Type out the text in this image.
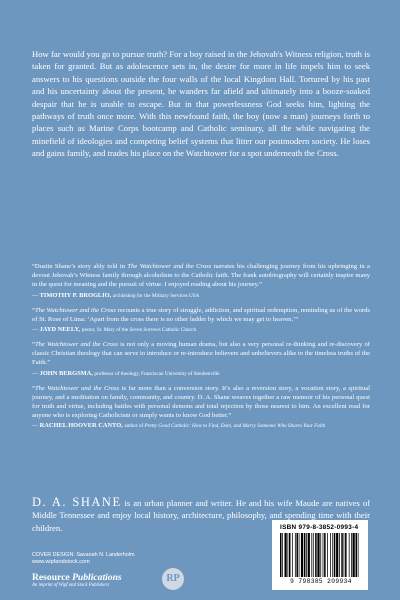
How far would you go to pursue truth? For a boy raised in the Jehovah's Witness religion, truth is taken for granted. But as adolescence sets in, the desire for more in life impels him to seek answers to his questions outside the four walls of the local Kingdom Hall. Tortured by his past and his uncertainty about the present, he wanders far afield and ultimately into a booze-soaked despair that he is unable to escape. But in that powerlessness God seeks him, lighting the pathways of truth once more. With this newfound faith, the boy (now a man) journeys forth to places such as Marine Corps bootcamp and Catholic seminary, all the while navigating the minefield of ideologies and competing belief systems that litter our postmodern society. He loses and gains family, and trades his place on the Watchtower for a spot underneath the Cross.

“Dustin Shane’s story ably told in The Watchtower and the Cross narrates his challenging journey from his upbringing in a devout Jehovah’s Witness family through alcoholism to the Catholic faith. The frank autobiography will certainly inspire many in the quest for meaning and the pursuit of virtue. I enjoyed reading about his journey.”

— TIMOTHY P. BROGLIO, archbishop for the Military Services USA

“The Watchtower and the Cross recounts a true story of struggle, addiction, and spiritual redemption, reminding us of the words of St. Rose of Lima: ‘Apart from the cross there is no other ladder by which we may get to heaven.’”

— JAYD NEELY, pastor, St. Mary of the Seven Sorrows Catholic Church

“The Watchtower and the Cross is not only a moving human drama, but also a very personal re-thinking and re-discovery of classic Christian theology that can serve to introduce or re-introduce believers and unbelievers alike to the timeless truths of the Faith.”

— JOHN BERGSMA, professor of theology, Franciscan University of Steubenville

“The Watchtower and the Cross is far more than a conversion story. It’s also a reversion story, a vocation story, a spiritual journey, and a meditation on family, community, and country. D. A. Shane weaves together a raw memoir of his personal quest for truth and virtue, including battles with personal demons and total rejection by those nearest to him. An excellent read for anyone who is exploring Catholicism or simply wants to know God better.”

— RACHEL HOOVER CANTO, author of Pretty Good Catholic: How to Find, Date, and Marry Someone Who Shares Your Faith

D. A. SHANE is an urban planner and writer. He and his wife Maude are natives of Middle Tennessee and enjoy local history, architecture, philosophy, and spending time with their children.

COVER DESIGN: Savanah N. Landerholm
www.wipfandstock.com
Resource Publications
An imprint of Wipf and Stock Publishers
RP
ISBN 979-8-3852-0993-4
9 798385 209934
